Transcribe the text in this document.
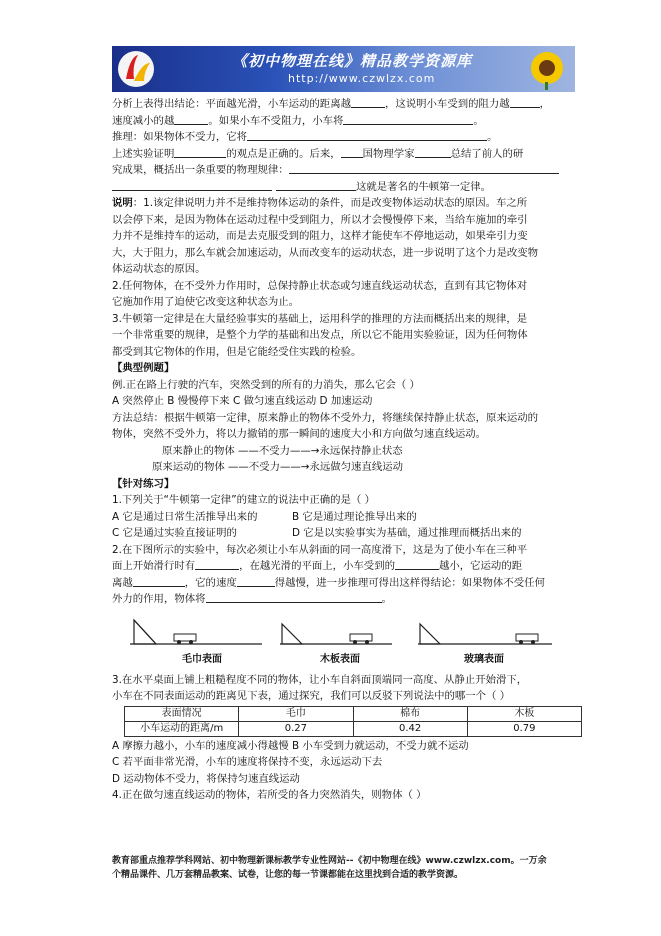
《初中物理在线》精品教学资源库
http://www.czwlzx.com

分析上表得出结论：平面越光滑，小车运动的距离越	，这说明小车受到的阻力越	，

速度减小的越	。如果小车不受阻力，小车将	。

推理：如果物体不受力，它将	。

上述实验证明	的观点是正确的。后来， 国物理学家	总结了前人的研

究成果，概括出一条重要的物理规律：

这就是著名的牛顿第一定律。

说明：1.该定律说明力并不是维持物体运动的条件，而是改变物体运动状态的原因。车之所

以会停下来，是因为物体在运动过程中受到阻力，所以才会慢慢停下来，当给车施加的牵引

力并不是维持车的运动，而是去克服受到的阻力，这样才能使车不停地运动，如果牵引力变

大，大于阻力，那么车就会加速运动，从而改变车的运动状态，进一步说明了这个力是改变物

体运动状态的原因。

2.任何物体，在不受外力作用时，总保持静止状态或匀速直线运动状态，直到有其它物体对

它施加作用了迫使它改变这种状态为止。

3.牛顿第一定律是在大量经验事实的基础上，运用科学的推理的方法而概括出来的规律，是

一个非常重要的规律，是整个力学的基础和出发点，所以它不能用实验验证，因为任何物体

都受到其它物体的作用，但是它能经受住实践的检验。

【典型例题】

例.正在路上行驶的汽车，突然受到的所有的力消失，那么它会（ ）

A 突然停止 B 慢慢停下来 C 做匀速直线运动 D 加速运动

方法总结：根据牛顿第一定律，原来静止的物体不受外力，将继续保持静止状态，原来运动的

物体，突然不受外力，将以力撤销的那一瞬间的速度大小和方向做匀速直线运动。

原来静止的物体 ——不受力——→永远保持静止状态

原来运动的物体 ——不受力——→永远做匀速直线运动

【针对练习】

1.下列关于“牛顿第一定律”的建立的说法中正确的是（ ）

A 它是通过日常生活推导出来的	B 它是通过理论推导出来的

C 它是通过实验直接证明的	D 它是以实验事实为基础，通过推理而概括出来的

2.在下图所示的实验中，每次必须让小车从斜面的同一高度滑下，这是为了使小车在三种平

面上开始滑行时有	，在越光滑的平面上，小车受到的	越小，它运动的距

离越	，它的速度	得越慢，进一步推理可得出这样得结论：如果物体不受任何

外力的作用，物体将	。

毛巾表面	木板表面	玻璃表面

3.在水平桌面上铺上粗糙程度不同的物体，让小车自斜面顶端同一高度、从静止开始滑下，

小车在不同表面运动的距离见下表，通过探究，我们可以反驳下列说法中的哪一个（ ）

表面情况	毛巾	棉布	木板
小车运动的距离/m	0.27	0.42	0.79

A 摩擦力越小，小车的速度减小得越慢 B 小车受到力就运动，不受力就不运动

C 若平面非常光滑，小车的速度将保持不变，永远运动下去

D 运动物体不受力，将保持匀速直线运动

4.正在做匀速直线运动的物体，若所受的各力突然消失，则物体（ ）

教育部重点推荐学科网站、初中物理新课标教学专业性网站--《初中物理在线》www.czwlzx.com。一万余
个精品课件、几万套精品教案、试卷，让您的每一节课都能在这里找到合适的教学资源。
